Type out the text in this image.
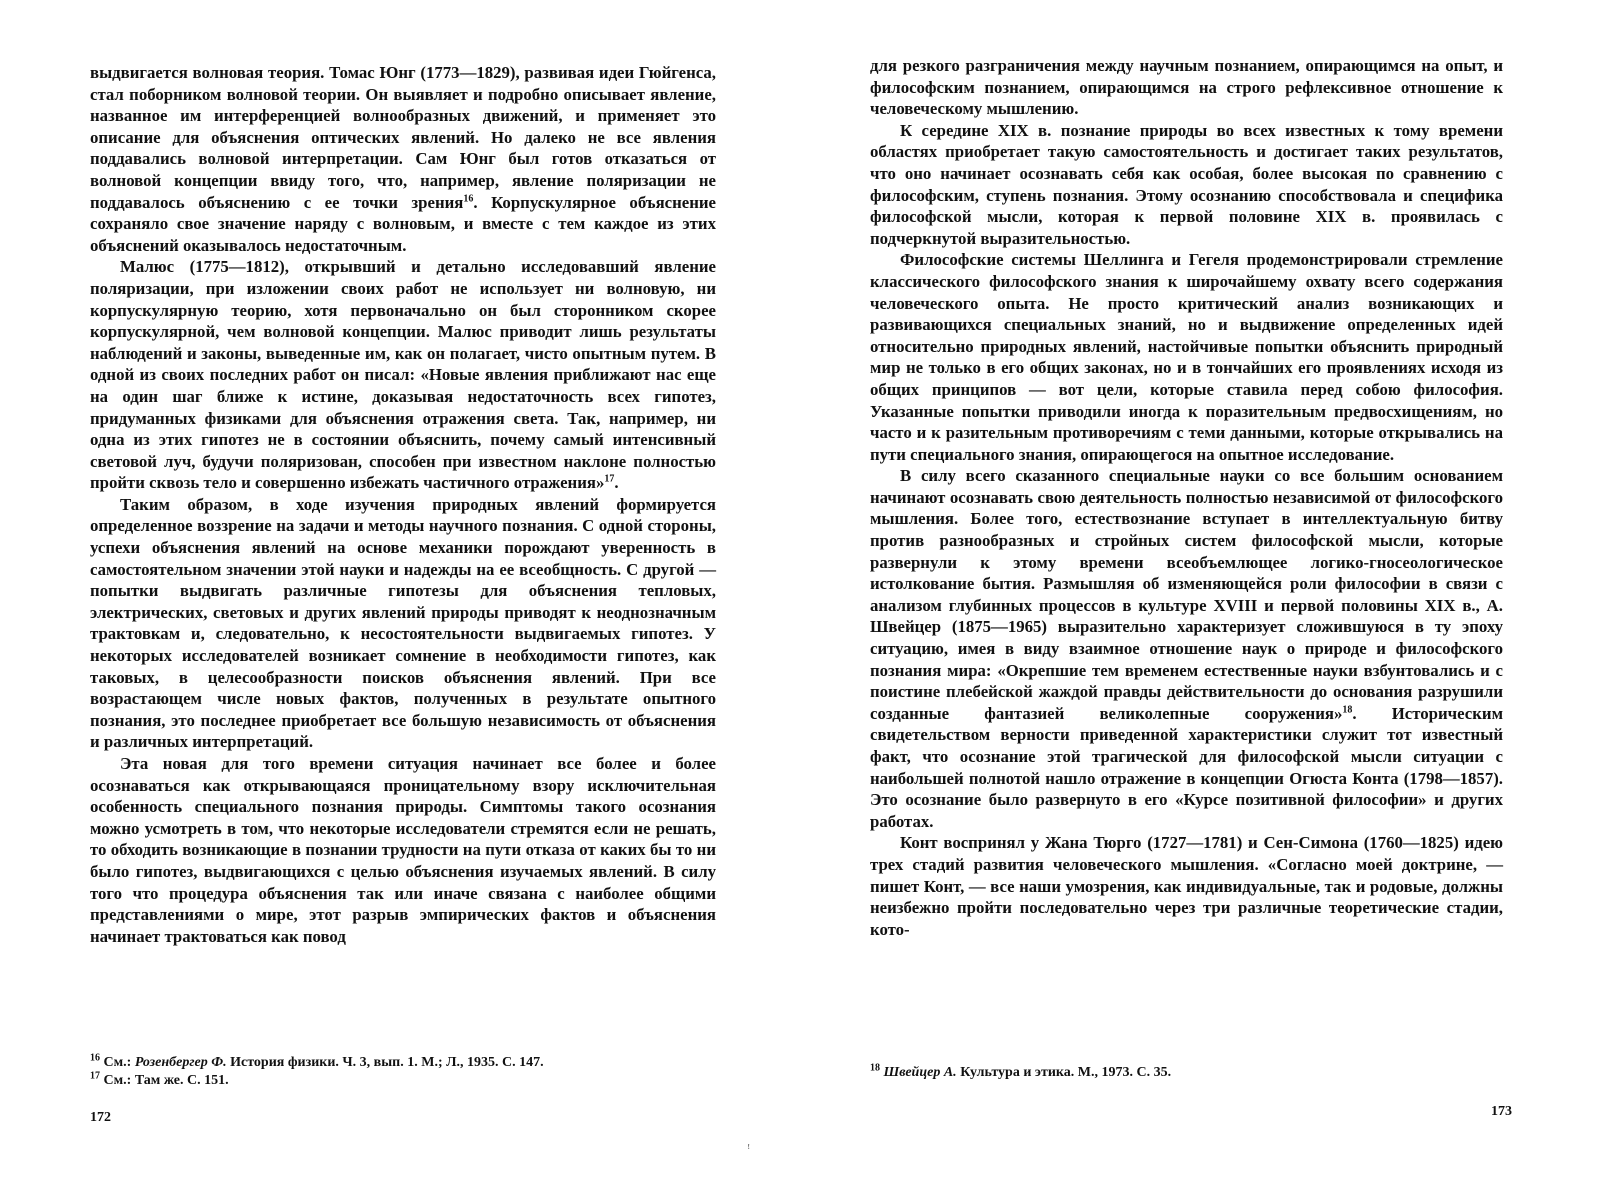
выдвигается волновая теория. Томас Юнг (1773—1829), развивая идеи Гюйгенса, стал поборником волновой теории. Он выявляет и подробно описывает явление, названное им интерференцией волнообразных движений, и применяет это описание для объяснения оптических явлений. Но далеко не все явления поддавались волновой интерпретации. Сам Юнг был готов отказаться от волновой концепции ввиду того, что, например, явление поляризации не поддавалось объяснению с ее точки зрения$^{16}$. Корпускулярное объяснение сохраняло свое значение наряду с волновым, и вместе с тем каждое из этих объяснений оказывалось недостаточным.

Малюс (1775—1812), открывший и детально исследовавший явление поляризации, при изложении своих работ не использует ни волновую, ни корпускулярную теорию, хотя первоначально он был сторонником скорее корпускулярной, чем волновой концепции. Малюс приводит лишь результаты наблюдений и законы, выведенные им, как он полагает, чисто опытным путем. В одной из своих последних работ он писал: «Новые явления приближают нас еще на один шаг ближе к истине, доказывая недостаточность всех гипотез, придуманных физиками для объяснения отражения света. Так, например, ни одна из этих гипотез не в состоянии объяснить, почему самый интенсивный световой луч, будучи поляризован, способен при известном наклоне полностью пройти сквозь тело и совершенно избежать частичного отражения»$^{17}$.

Таким образом, в ходе изучения природных явлений формируется определенное воззрение на задачи и методы научного познания. С одной стороны, успехи объяснения явлений на основе механики порождают уверенность в самостоятельном значении этой науки и надежды на ее всеобщность. С другой — попытки выдвигать различные гипотезы для объяснения тепловых, электрических, световых и других явлений природы приводят к неоднозначным трактовкам и, следовательно, к несостоятельности выдвигаемых гипотез. У некоторых исследователей возникает сомнение в необходимости гипотез, как таковых, в целесообразности поисков объяснения явлений. При все возрастающем числе новых фактов, полученных в результате опытного познания, это последнее приобретает все большую независимость от объяснения и различных интерпретаций.

Эта новая для того времени ситуация начинает все более и более осознаваться как открывающаяся проницательному взору исключительная особенность специального познания природы. Симптомы такого осознания можно усмотреть в том, что некоторые исследователи стремятся если не решать, то обходить возникающие в познании трудности на пути отказа от каких бы то ни было гипотез, выдвигающихся с целью объяснения изучаемых явлений. В силу того что процедура объяснения так или иначе связана с наиболее общими представлениями о мире, этот разрыв эмпирических фактов и объяснения начинает трактоваться как повод

$^{16}$ См.: Розенбергер Ф. История физики. Ч. 3, вып. 1. М.; Л., 1935. С. 147.

$^{17}$ См.: Там же. С. 151.

172

для резкого разграничения между научным познанием, опирающимся на опыт, и философским познанием, опирающимся на строго рефлексивное отношение к человеческому мышлению.

К середине XIX в. познание природы во всех известных к тому времени областях приобретает такую самостоятельность и достигает таких результатов, что оно начинает осознавать себя как особая, более высокая по сравнению с философским, ступень познания. Этому осознанию способствовала и специфика философской мысли, которая к первой половине XIX в. проявилась с подчеркнутой выразительностью.

Философские системы Шеллинга и Гегеля продемонстрировали стремление классического философского знания к широчайшему охвату всего содержания человеческого опыта. Не просто критический анализ возникающих и развивающихся специальных знаний, но и выдвижение определенных идей относительно природных явлений, настойчивые попытки объяснить природный мир не только в его общих законах, но и в тончайших его проявлениях исходя из общих принципов — вот цели, которые ставила перед собою философия. Указанные попытки приводили иногда к поразительным предвосхищениям, но часто и к разительным противоречиям с теми данными, которые открывались на пути специального знания, опирающегося на опытное исследование.

В силу всего сказанного специальные науки со все большим основанием начинают осознавать свою деятельность полностью независимой от философского мышления. Более того, естествознание вступает в интеллектуальную битву против разнообразных и стройных систем философской мысли, которые развернули к этому времени всеобъемлющее логико-гносеологическое истолкование бытия. Размышляя об изменяющейся роли философии в связи с анализом глубинных процессов в культуре XVIII и первой половины XIX в., А. Швейцер (1875—1965) выразительно характеризует сложившуюся в ту эпоху ситуацию, имея в виду взаимное отношение наук о природе и философского познания мира: «Окрепшие тем временем естественные науки взбунтовались и с поистине плебейской жаждой правды действительности до основания разрушили созданные фантазией великолепные сооружения»$^{18}$. Историческим свидетельством верности приведенной характеристики служит тот известный факт, что осознание этой трагической для философской мысли ситуации с наибольшей полнотой нашло отражение в концепции Огюста Конта (1798—1857). Это осознание было развернуто в его «Курсе позитивной философии» и других работах.

Конт воспринял у Жана Тюрго (1727—1781) и Сен-Симона (1760—1825) идею трех стадий развития человеческого мышления. «Согласно моей доктрине, — пишет Конт, — все наши умозрения, как индивидуальные, так и родовые, должны неизбежно пройти последовательно через три различные теоретические стадии, кото-

$^{18}$ Швейцер А. Культура и этика. М., 1973. С. 35.

173
ꜝ
